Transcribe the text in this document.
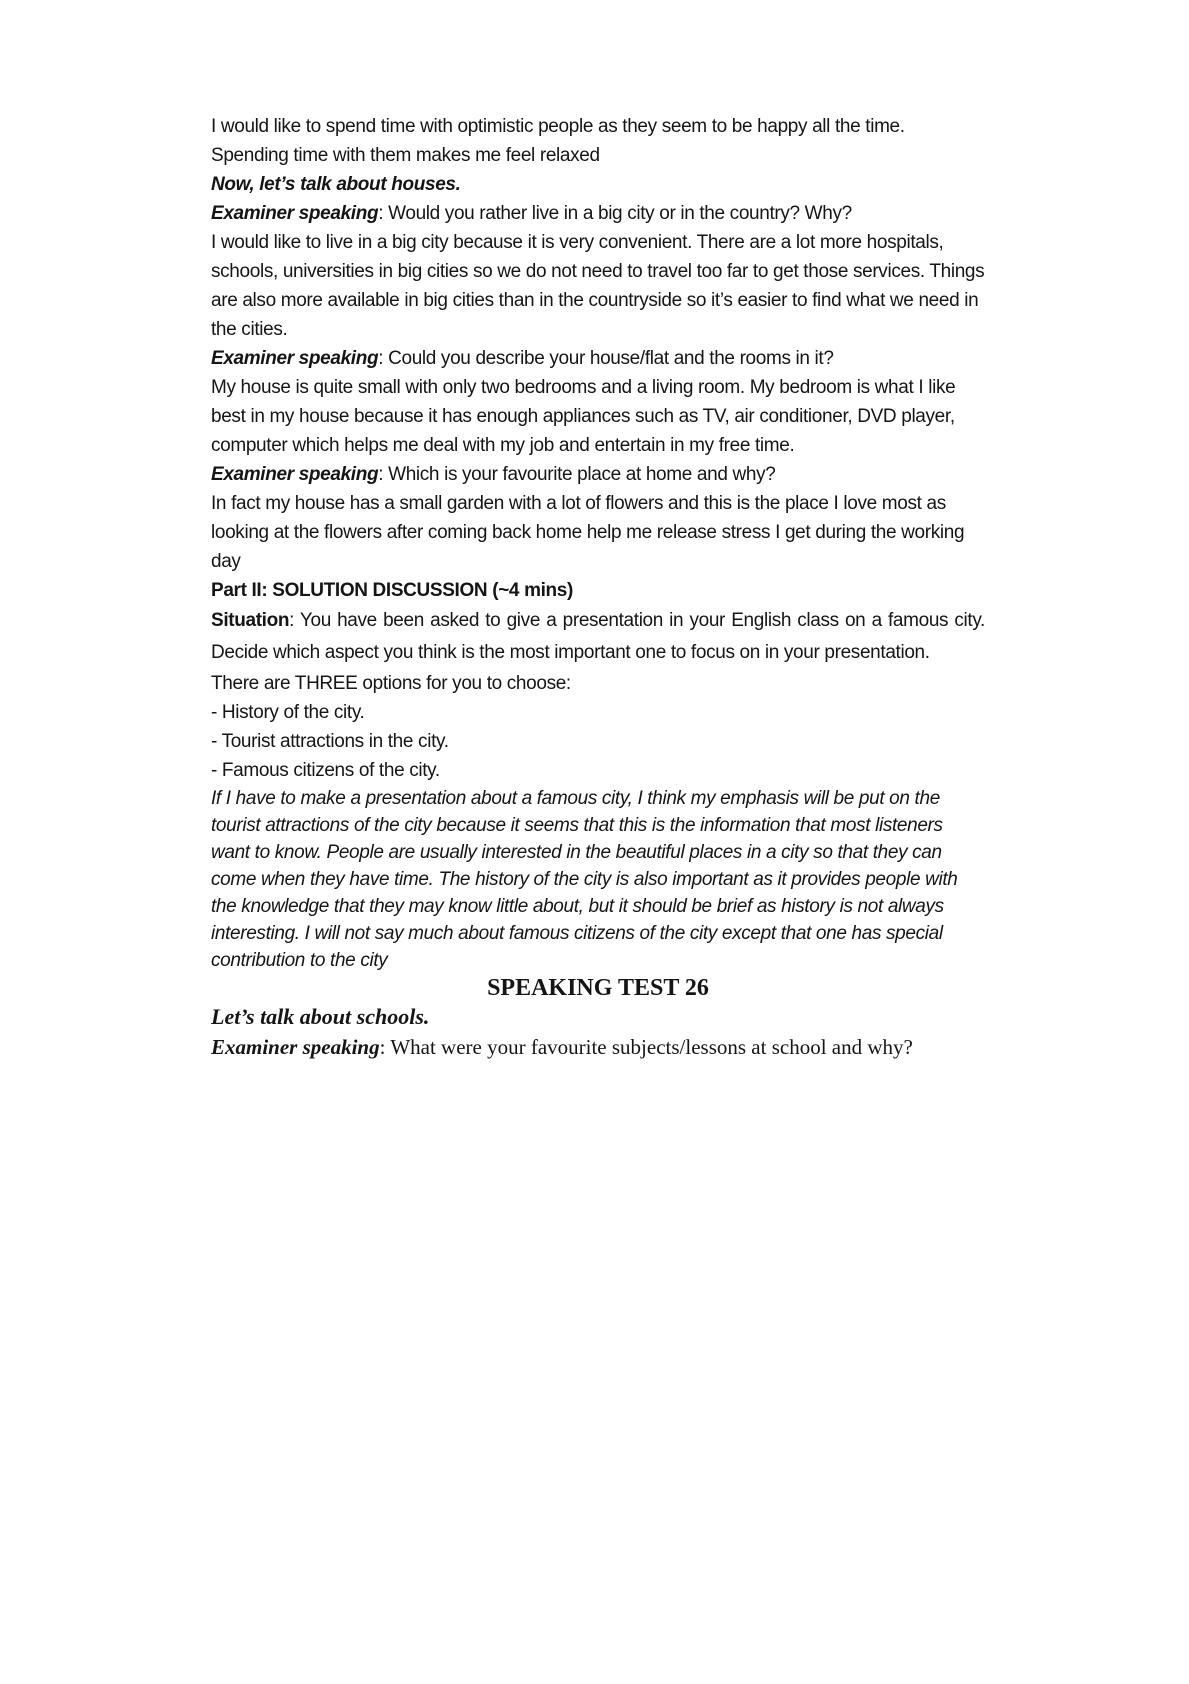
I would like to spend time with optimistic people as they seem to be happy all the time. Spending time with them makes me feel relaxed

Now, let’s talk about houses.

Examiner speaking: Would you rather live in a big city or in the country? Why?

I would like to live in a big city because it is very convenient. There are a lot more hospitals, schools, universities in big cities so we do not need to travel too far to get those services. Things are also more available in big cities than in the countryside so it’s easier to find what we need in the cities.

Examiner speaking: Could you describe your house/flat and the rooms in it?

My house is quite small with only two bedrooms and a living room. My bedroom is what I like best in my house because it has enough appliances such as TV, air conditioner, DVD player, computer which helps me deal with my job and entertain in my free time.

Examiner speaking: Which is your favourite place at home and why?

In fact my house has a small garden with a lot of flowers and this is the place I love most as looking at the flowers after coming back home help me release stress I get during the working day

Part II: SOLUTION DISCUSSION (~4 mins)

Situation: You have been asked to give a presentation in your English class on a famous city. Decide which aspect you think is the most important one to focus on in your presentation.

There are THREE options for you to choose:

- History of the city.

- Tourist attractions in the city.

- Famous citizens of the city.

If I have to make a presentation about a famous city, I think my emphasis will be put on the tourist attractions of the city because it seems that this is the information that most listeners want to know. People are usually interested in the beautiful places in a city so that they can come when they have time. The history of the city is also important as it provides people with the knowledge that they may know little about, but it should be brief as history is not always interesting. I will not say much about famous citizens of the city except that one has special contribution to the city

SPEAKING TEST 26

Let’s talk about schools.

Examiner speaking: What were your favourite subjects/lessons at school and why?
